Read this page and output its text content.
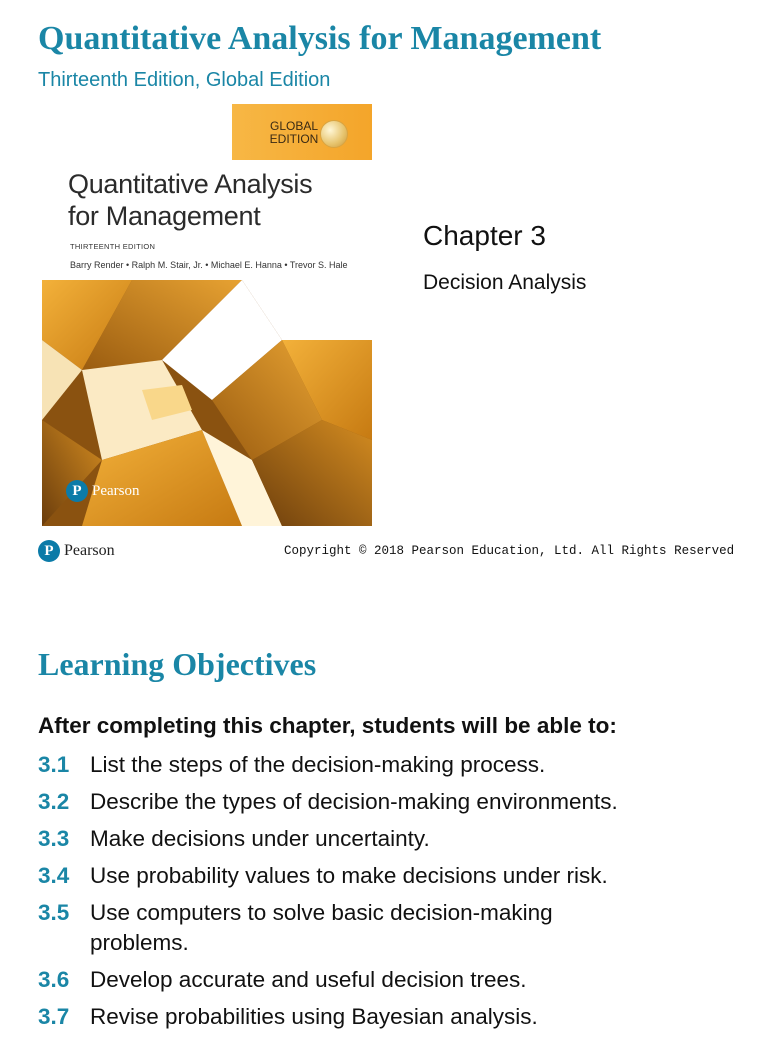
Quantitative Analysis for Management
Thirteenth Edition, Global Edition
GLOBAL EDITION
Quantitative Analysis
for Management
THIRTEENTH EDITION
Barry Render • Ralph M. Stair, Jr. • Michael E. Hanna • Trevor S. Hale
P Pearson
Chapter 3
Decision Analysis
P Pearson	Copyright © 2018 Pearson Education, Ltd. All Rights Reserved
Learning Objectives
After completing this chapter, students will be able to:
3.1 List the steps of the decision-making process.
3.2 Describe the types of decision-making environments.
3.3 Make decisions under uncertainty.
3.4 Use probability values to make decisions under risk.
3.5 Use computers to solve basic decision-making problems.
3.6 Develop accurate and useful decision trees.
3.7 Revise probabilities using Bayesian analysis.
